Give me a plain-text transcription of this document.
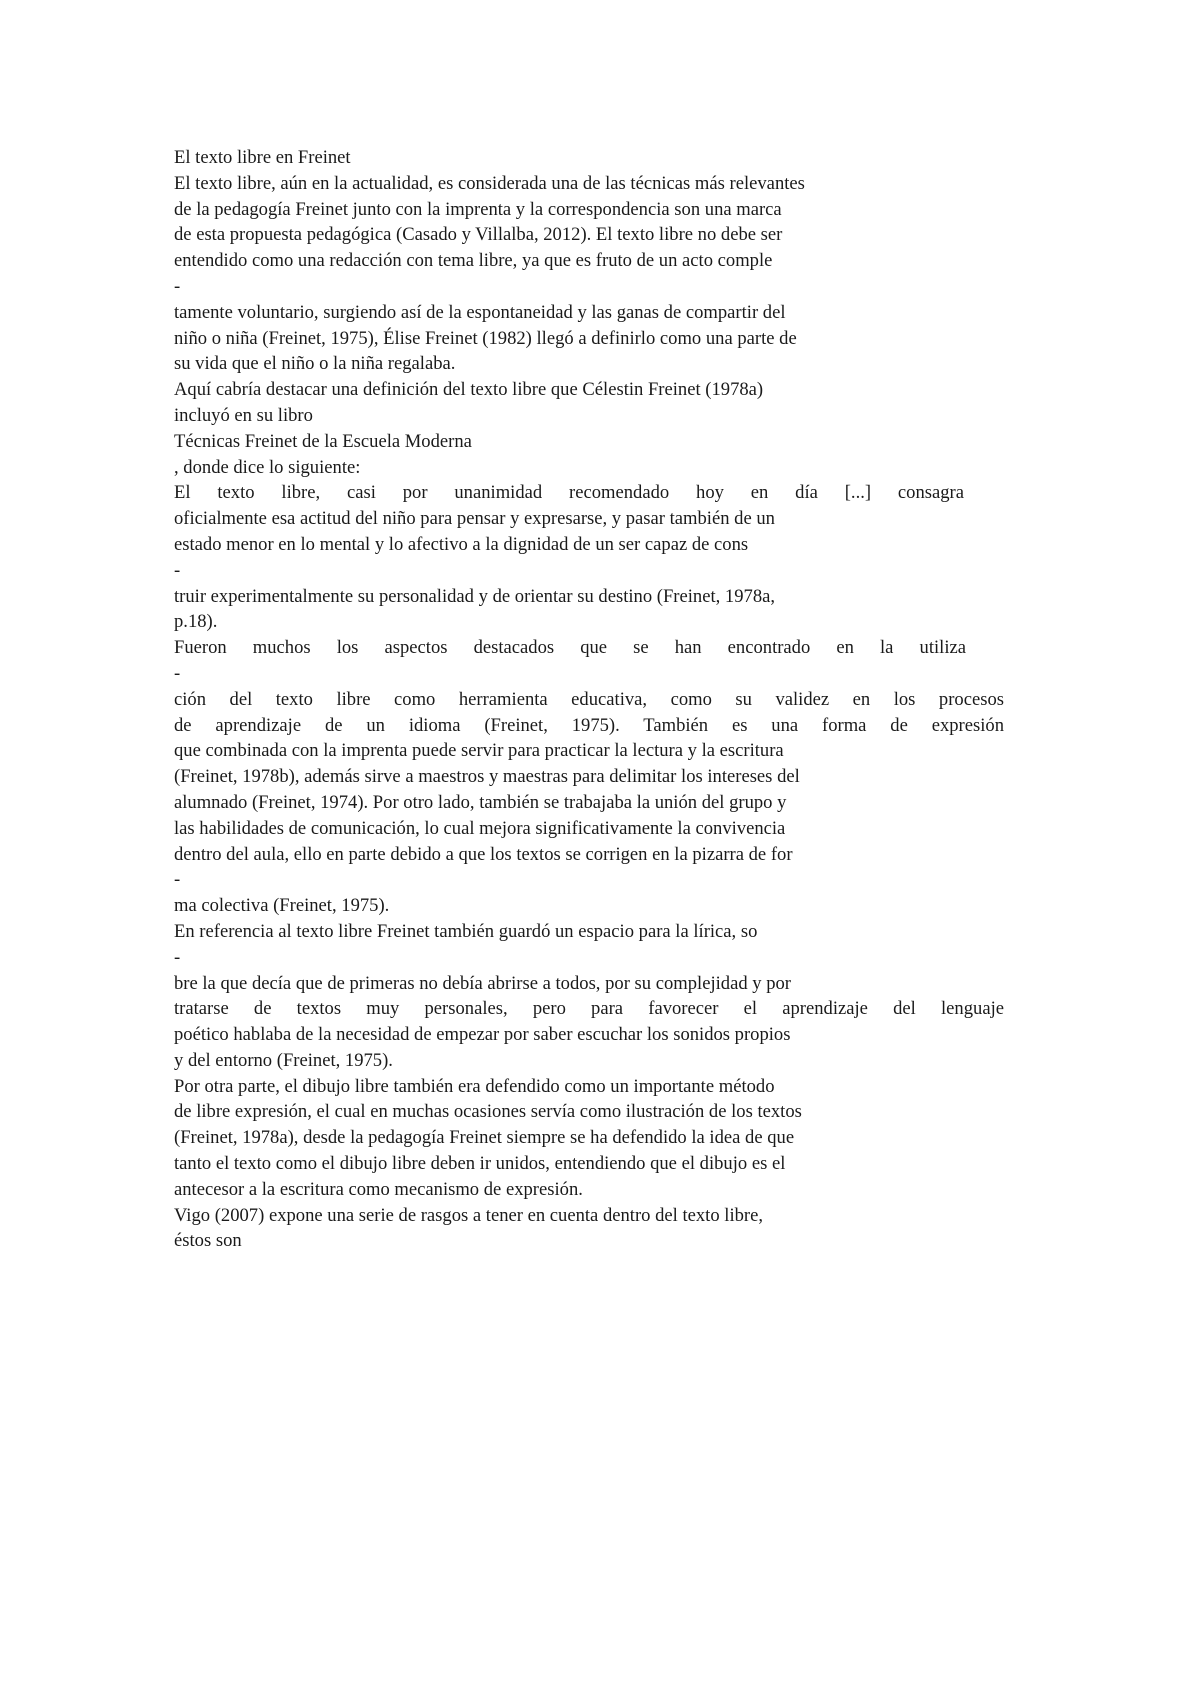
El texto libre en Freinet
El texto libre, aún en la actualidad, es considerada una de las técnicas más relevantes
de la pedagogía Freinet junto con la imprenta y la correspondencia son una marca
de esta propuesta pedagógica (Casado y Villalba, 2012). El texto libre no debe ser
entendido como una redacción con tema libre, ya que es fruto de un acto comple
-
tamente voluntario, surgiendo así de la espontaneidad y las ganas de compartir del
niño o niña (Freinet, 1975), Élise Freinet (1982) llegó a definirlo como una parte de
su vida que el niño o la niña regalaba.
Aquí cabría destacar una definición del texto libre que Célestin Freinet (1978a)
incluyó en su libro
Técnicas Freinet de la Escuela Moderna
, donde dice lo siguiente:
El texto libre, casi por unanimidad recomendado hoy en día [...] consagra
oficialmente esa actitud del niño para pensar y expresarse, y pasar también de un
estado menor en lo mental y lo afectivo a la dignidad de un ser capaz de cons
-
truir experimentalmente su personalidad y de orientar su destino (Freinet, 1978a,
p.18).
Fueron muchos los aspectos destacados que se han encontrado en la utiliza
-
ción del texto libre como herramienta educativa, como su validez en los procesos
de aprendizaje de un idioma (Freinet, 1975). También es una forma de expresión
que combinada con la imprenta puede servir para practicar la lectura y la escritura
(Freinet, 1978b), además sirve a maestros y maestras para delimitar los intereses del
alumnado (Freinet, 1974). Por otro lado, también se trabajaba la unión del grupo y
las habilidades de comunicación, lo cual mejora significativamente la convivencia
dentro del aula, ello en parte debido a que los textos se corrigen en la pizarra de for
-
ma colectiva (Freinet, 1975).
En referencia al texto libre Freinet también guardó un espacio para la lírica, so
-
bre la que decía que de primeras no debía abrirse a todos, por su complejidad y por
tratarse de textos muy personales, pero para favorecer el aprendizaje del lenguaje
poético hablaba de la necesidad de empezar por saber escuchar los sonidos propios
y del entorno (Freinet, 1975).
Por otra parte, el dibujo libre también era defendido como un importante método
de libre expresión, el cual en muchas ocasiones servía como ilustración de los textos
(Freinet, 1978a), desde la pedagogía Freinet siempre se ha defendido la idea de que
tanto el texto como el dibujo libre deben ir unidos, entendiendo que el dibujo es el
antecesor a la escritura como mecanismo de expresión.
Vigo (2007) expone una serie de rasgos a tener en cuenta dentro del texto libre,
éstos son
